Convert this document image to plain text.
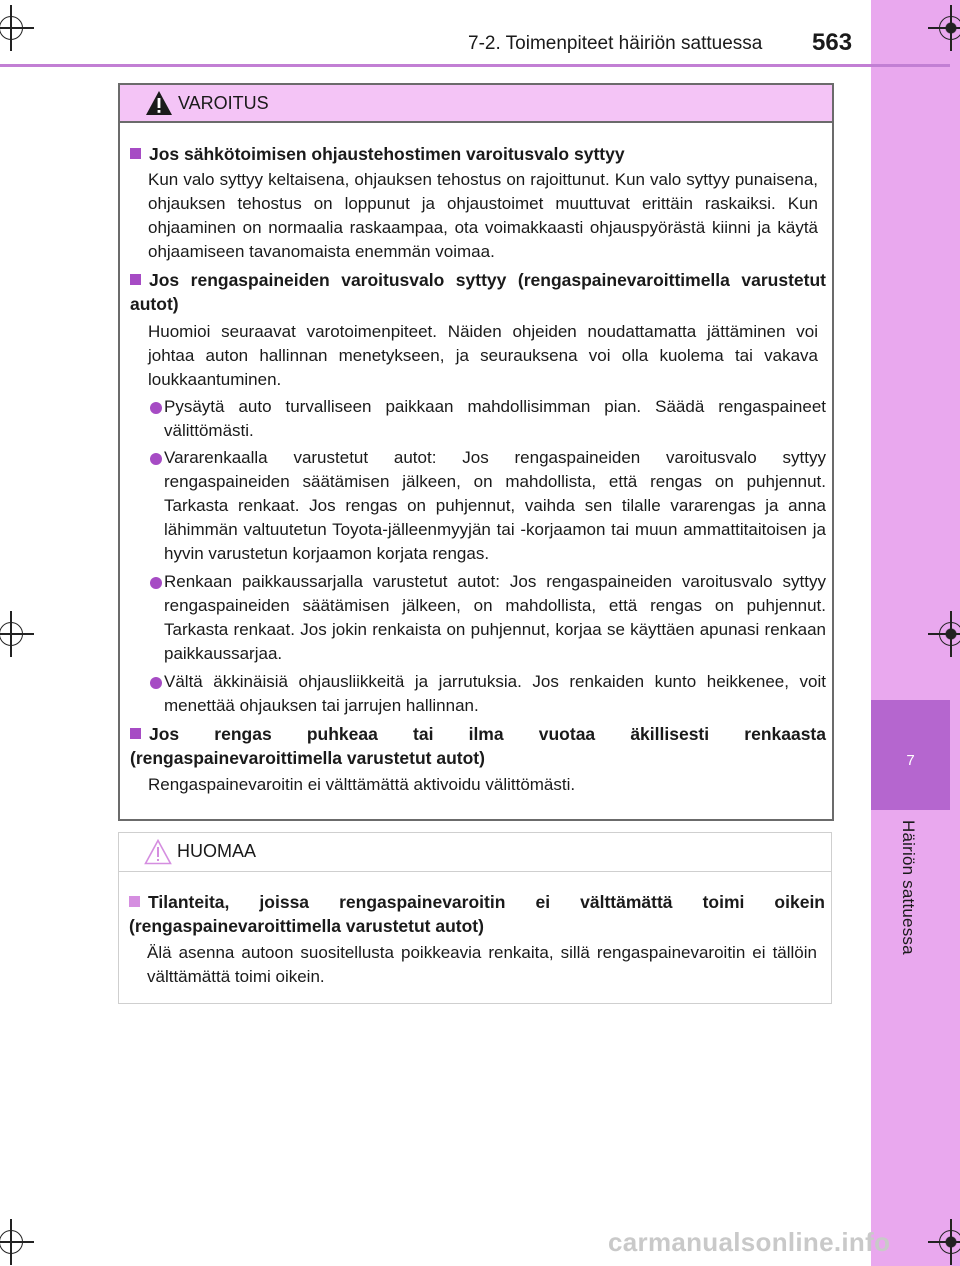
7
Häiriön sattuessa
7-2. Toimenpiteet häiriön sattuessa 563
VAROITUS
Jos sähkötoimisen ohjaustehostimen varoitusvalo syttyy
Kun valo syttyy keltaisena, ohjauksen tehostus on rajoittunut. Kun valo syttyy punaisena, ohjauksen tehostus on loppunut ja ohjaustoimet muuttuvat erittäin raskaiksi. Kun ohjaaminen on normaalia raskaampaa, ota voimakkaasti ohjauspyörästä kiinni ja käytä ohjaamiseen tavanomaista enemmän voimaa.
Jos rengaspaineiden varoitusvalo syttyy (rengaspainevaroittimella varustetut autot)
Huomioi seuraavat varotoimenpiteet. Näiden ohjeiden noudattamatta jättäminen voi johtaa auton hallinnan menetykseen, ja seurauksena voi olla kuolema tai vakava loukkaantuminen.
Pysäytä auto turvalliseen paikkaan mahdollisimman pian. Säädä rengaspaineet välittömästi.
Vararenkaalla varustetut autot: Jos rengaspaineiden varoitusvalo syttyy rengaspaineiden säätämisen jälkeen, on mahdollista, että rengas on puhjennut. Tarkasta renkaat. Jos rengas on puhjennut, vaihda sen tilalle vararengas ja anna lähimmän valtuutetun Toyota-jälleenmyyjän tai -korjaamon tai muun ammattitaitoisen ja hyvin varustetun korjaamon korjata rengas.
Renkaan paikkaussarjalla varustetut autot: Jos rengaspaineiden varoitusvalo syttyy rengaspaineiden säätämisen jälkeen, on mahdollista, että rengas on puhjennut. Tarkasta renkaat. Jos jokin renkaista on puhjennut, korjaa se käyttäen apunasi renkaan paikkaussarjaa.
Vältä äkkinäisiä ohjausliikkeitä ja jarrutuksia. Jos renkaiden kunto heikkenee, voit menettää ohjauksen tai jarrujen hallinnan.
Jos rengas puhkeaa tai ilma vuotaa äkillisesti renkaasta (rengaspainevaroittimella varustetut autot)
Rengaspainevaroitin ei välttämättä aktivoidu välittömästi.
HUOMAA
Tilanteita, joissa rengaspainevaroitin ei välttämättä toimi oikein (rengaspainevaroittimella varustetut autot)
Älä asenna autoon suositellusta poikkeavia renkaita, sillä rengaspainevaroitin ei tällöin välttämättä toimi oikein.
carmanualsonline.info
